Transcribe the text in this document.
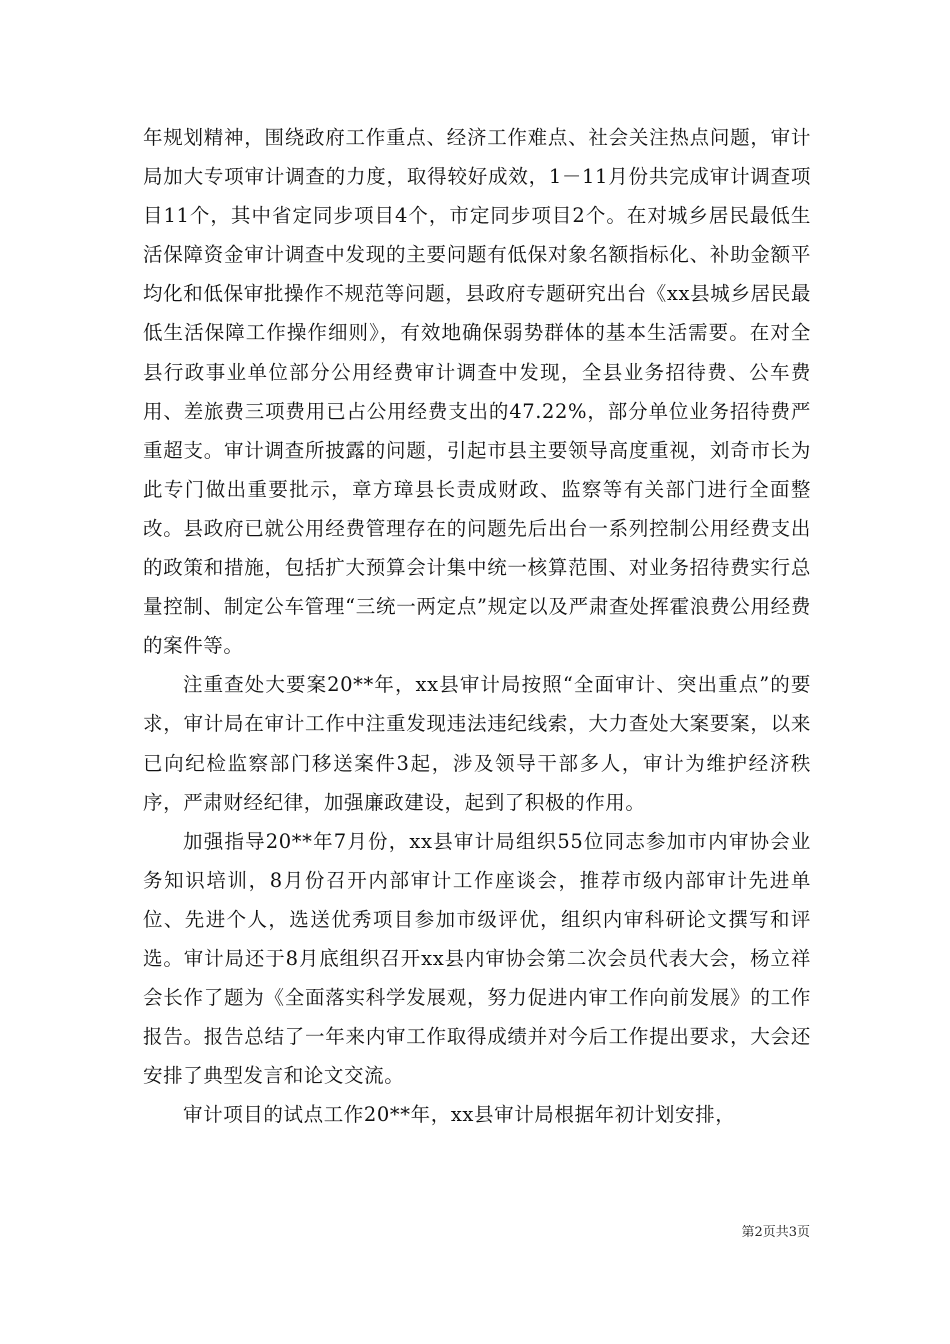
年规划精神，围绕政府工作重点、经济工作难点、社会关注热点问题，审计局加大专项审计调查的力度，取得较好成效，1－11月份共完成审计调查项目11个，其中省定同步项目4个，市定同步项目2个。在对城乡居民最低生活保障资金审计调查中发现的主要问题有低保对象名额指标化、补助金额平均化和低保审批操作不规范等问题，县政府专题研究出台《xx县城乡居民最低生活保障工作操作细则》，有效地确保弱势群体的基本生活需要。在对全县行政事业单位部分公用经费审计调查中发现，全县业务招待费、公车费用、差旅费三项费用已占公用经费支出的47.22%，部分单位业务招待费严重超支。审计调查所披露的问题，引起市县主要领导高度重视，刘奇市长为此专门做出重要批示，章方璋县长责成财政、监察等有关部门进行全面整改。县政府已就公用经费管理存在的问题先后出台一系列控制公用经费支出的政策和措施，包括扩大预算会计集中统一核算范围、对业务招待费实行总量控制、制定公车管理“三统一两定点”规定以及严肃查处挥霍浪费公用经费的案件等。

注重查处大要案20**年，xx县审计局按照“全面审计、突出重点”的要求，审计局在审计工作中注重发现违法违纪线索，大力查处大案要案，以来已向纪检监察部门移送案件3起，涉及领导干部多人，审计为维护经济秩序，严肃财经纪律，加强廉政建设，起到了积极的作用。

加强指导20**年7月份，xx县审计局组织55位同志参加市内审协会业务知识培训，8月份召开内部审计工作座谈会，推荐市级内部审计先进单位、先进个人，选送优秀项目参加市级评优，组织内审科研论文撰写和评选。审计局还于8月底组织召开xx县内审协会第二次会员代表大会，杨立祥会长作了题为《全面落实科学发展观，努力促进内审工作向前发展》的工作报告。报告总结了一年来内审工作取得成绩并对今后工作提出要求，大会还安排了典型发言和论文交流。

审计项目的试点工作20**年，xx县审计局根据年初计划安排，

第2页共3页
